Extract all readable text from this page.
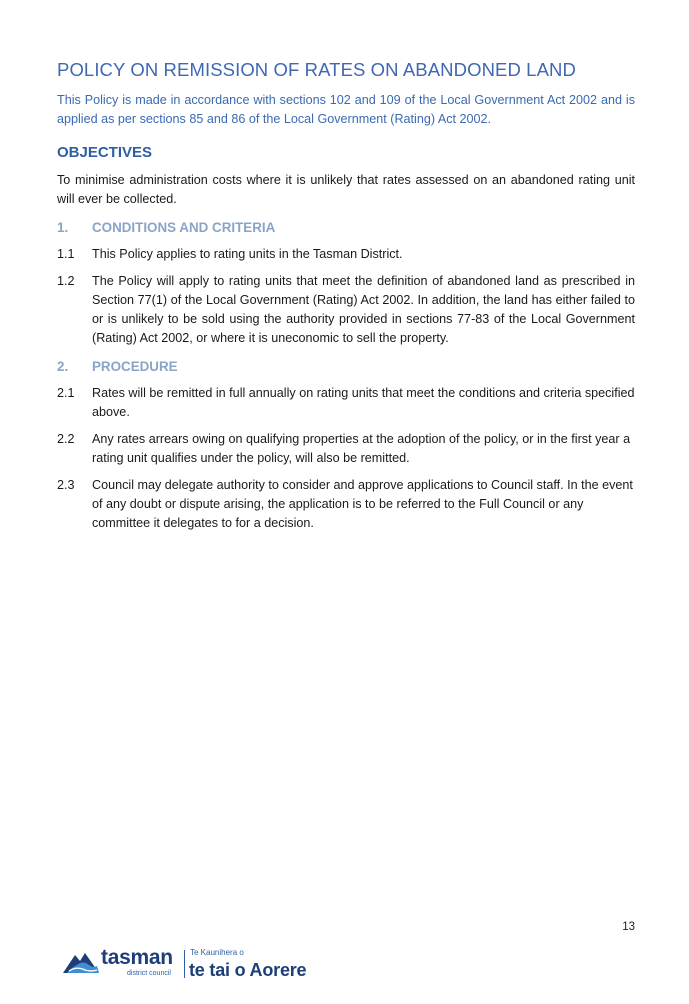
POLICY ON REMISSION OF RATES ON ABANDONED LAND

This Policy is made in accordance with sections 102 and 109 of the Local Government Act 2002 and is applied as per sections 85 and 86 of the Local Government (Rating) Act 2002.

OBJECTIVES

To minimise administration costs where it is unlikely that rates assessed on an abandoned rating unit will ever be collected.

1.	CONDITIONS AND CRITERIA
1.1	This Policy applies to rating units in the Tasman District.
1.2	The Policy will apply to rating units that meet the definition of abandoned land as prescribed in Section 77(1) of the Local Government (Rating) Act 2002. In addition, the land has either failed to or is unlikely to be sold using the authority provided in sections 77-83 of the Local Government (Rating) Act 2002, or where it is uneconomic to sell the property.
2.	PROCEDURE
2.1	Rates will be remitted in full annually on rating units that meet the conditions and criteria specified above.
2.2	Any rates arrears owing on qualifying properties at the adoption of the policy, or in the first year a rating unit qualifies under the policy, will also be remitted.
2.3	Council may delegate authority to consider and approve applications to Council staff. In the event of any doubt or dispute arising, the application is to be referred to the Full Council or any committee it delegates to for a decision.
13
tasman
district council
Te Kaunihera o
te tai o Aorere
